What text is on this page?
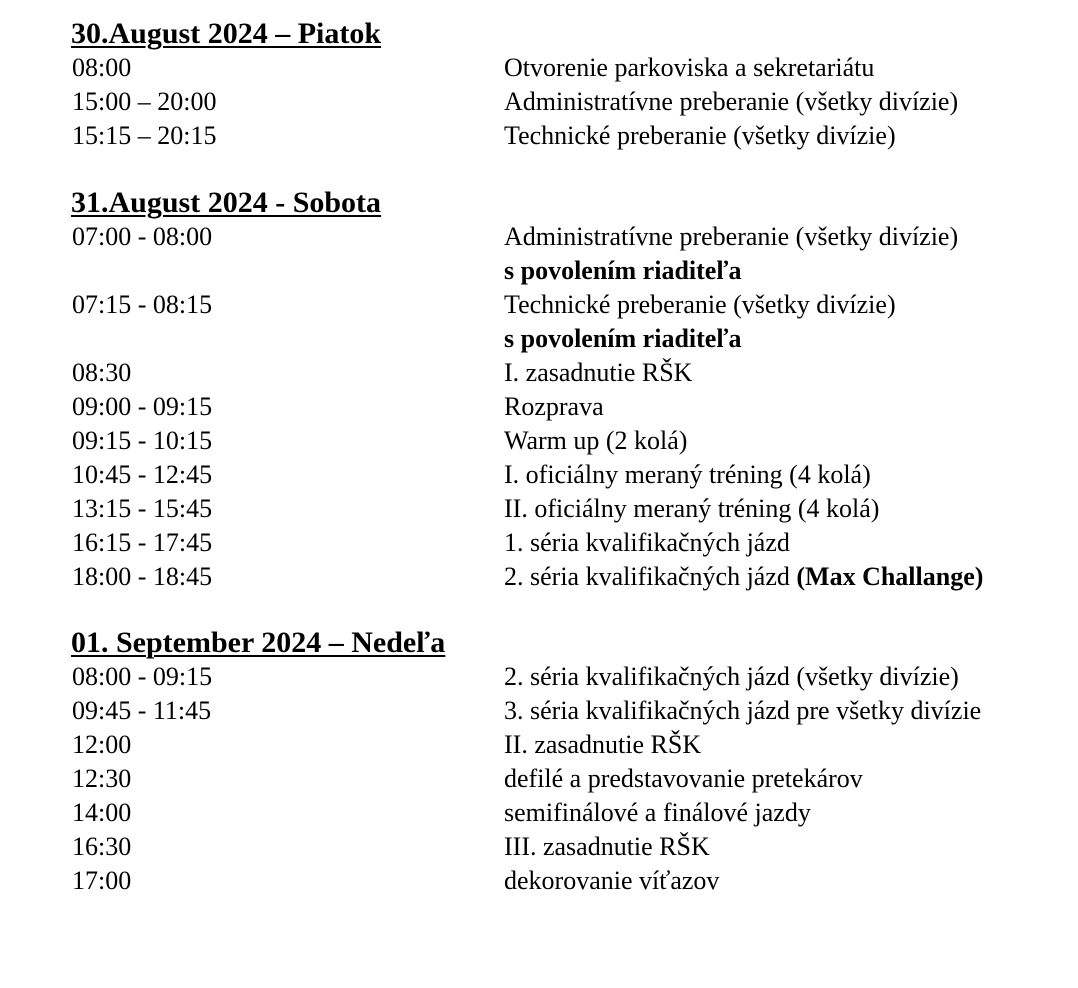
30.August 2024 – Piatok
08:00	Otvorenie parkoviska a sekretariátu
15:00 – 20:00	Administratívne preberanie (všetky divízie)
15:15 – 20:15	Technické preberanie (všetky divízie)
31.August 2024 - Sobota
07:00 - 08:00	Administratívne preberanie (všetky divízie)
s povolením riaditeľa
07:15 - 08:15	Technické preberanie (všetky divízie)
s povolením riaditeľa
08:30	I. zasadnutie RŠK
09:00 - 09:15	Rozprava
09:15 - 10:15	Warm up (2 kolá)
10:45 - 12:45	I. oficiálny meraný tréning (4 kolá)
13:15 - 15:45	II. oficiálny meraný tréning (4 kolá)
16:15 - 17:45	1. séria kvalifikačných jázd
18:00 - 18:45	2. séria kvalifikačných jázd (Max Challange)
01. September 2024 – Nedeľa
08:00 - 09:15	2. séria kvalifikačných jázd (všetky divízie)
09:45 - 11:45	3. séria kvalifikačných jázd pre všetky divízie
12:00	II. zasadnutie RŠK
12:30	defilé a predstavovanie pretekárov
14:00	semifinálové a finálové jazdy
16:30	III. zasadnutie RŠK
17:00	dekorovanie víťazov
